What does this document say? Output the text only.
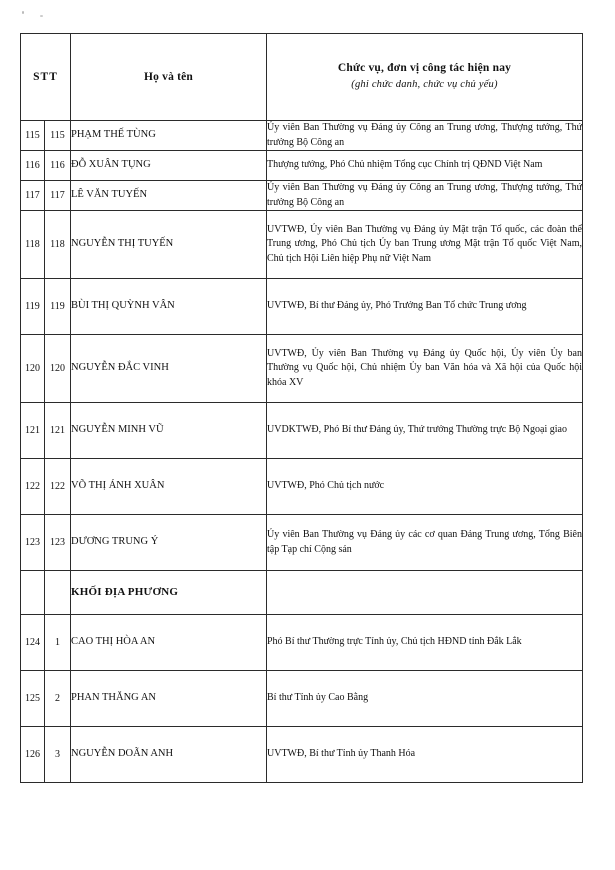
STT		Họ và tên	Chức vụ, đơn vị công tác hiện nay
(ghi chức danh, chức vụ chủ yếu)

115	115	PHẠM THẾ TÙNG	Ủy viên Ban Thường vụ Đảng ủy Công an Trung ương, Thượng tướng, Thứ trưởng Bộ Công an
116	116	ĐỖ XUÂN TỤNG	Thượng tướng, Phó Chủ nhiệm Tổng cục Chính trị QĐND Việt Nam
117	117	LÊ VĂN TUYẾN	Ủy viên Ban Thường vụ Đảng ủy Công an Trung ương, Thượng tướng, Thứ trưởng Bộ Công an
118	118	NGUYỄN THỊ TUYẾN	UVTWĐ, Ủy viên Ban Thường vụ Đảng ủy Mặt trận Tổ quốc, các đoàn thể Trung ương, Phó Chủ tịch Ủy ban Trung ương Mặt trận Tổ quốc Việt Nam, Chủ tịch Hội Liên hiệp Phụ nữ Việt Nam
119	119	BÙI THỊ QUỲNH VÂN	UVTWĐ, Bí thư Đảng ủy, Phó Trưởng Ban Tổ chức Trung ương
120	120	NGUYỄN ĐẮC VINH	UVTWĐ, Ủy viên Ban Thường vụ Đảng ủy Quốc hội, Ủy viên Ủy ban Thường vụ Quốc hội, Chủ nhiệm Ủy ban Văn hóa và Xã hội của Quốc hội khóa XV
121	121	NGUYỄN MINH VŨ	UVDKTWĐ, Phó Bí thư Đảng ủy, Thứ trưởng Thường trực Bộ Ngoại giao
122	122	VÕ THỊ ÁNH XUÂN	UVTWĐ, Phó Chủ tịch nước
123	123	DƯƠNG TRUNG Ý	Ủy viên Ban Thường vụ Đảng ủy các cơ quan Đảng Trung ương, Tổng Biên tập Tạp chí Cộng sản
		KHỐI ĐỊA PHƯƠNG	
124	1	CAO THỊ HÒA AN	Phó Bí thư Thường trực Tỉnh ủy, Chủ tịch HĐND tỉnh Đắk Lắk
125	2	PHAN THĂNG AN	Bí thư Tỉnh ủy Cao Bằng
126	3	NGUYỄN DOÃN ANH	UVTWĐ, Bí thư Tỉnh ủy Thanh Hóa
